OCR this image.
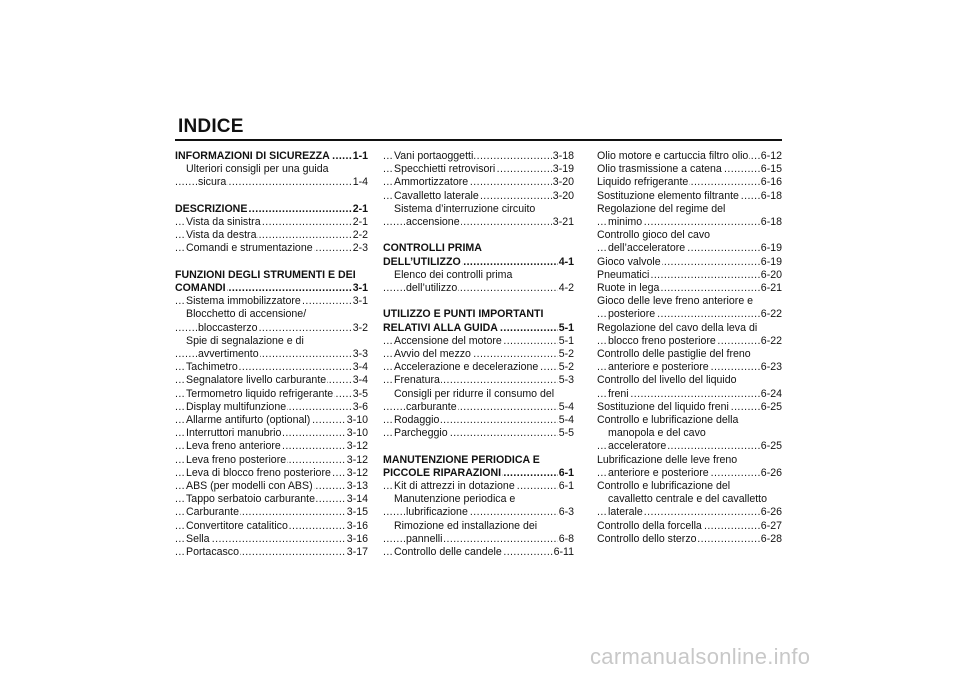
INDICE
INFORMAZIONI DI SICUREZZA 1-1
.....
Ulteriori consigli per una guida
sicura	1-4
.....
DESCRIZIONE	2-1
.....
Vista da sinistra	2-1
.....
Vista da destra	2-2
.....
Comandi e strumentazione	2-3
.....
FUNZIONI DEGLI STRUMENTI E DEI
COMANDI	3-1
.....
Sistema immobilizzatore	3-1
.....
Blocchetto di accensione/
bloccasterzo	3-2
.....
Spie di segnalazione e di
avvertimento	3-3
.....
Tachimetro	3-4
.....
Segnalatore livello carburante	3-4
.....
Termometro liquido refrigerante 3-5
.....
Display multifunzione	3-6
.....
Allarme antifurto (optional)	3-10
.....
Interruttori manubrio	3-10
.....
Leva freno anteriore	3-12
.....
Leva freno posteriore	3-12
.....
Leva di blocco freno posteriore 3-12
.....
ABS (per modelli con ABS)	3-13
.....
Tappo serbatoio carburante	3-14
.....
Carburante	3-15
.....
Convertitore catalitico	3-16
.....
Sella	3-16
.....
Portacasco	3-17
.....
Vani portaoggetti	3-18
.....
Specchietti retrovisori	3-19
.....
Ammortizzatore	3-20
.....
Cavalletto laterale	3-20
.....
Sistema d’interruzione circuito
accensione	3-21
.....
CONTROLLI PRIMA
DELL’UTILIZZO	4-1
.....
Elenco dei controlli prima
dell’utilizzo	4-2
.....
UTILIZZO E PUNTI IMPORTANTI
RELATIVI ALLA GUIDA	5-1
.....
Accensione del motore	5-1
.....
Avvio del mezzo	5-2
.....
Accelerazione e decelerazione 5-2
.....
Frenatura	5-3
.....
Consigli per ridurre il consumo del
carburante	5-4
.....
Rodaggio	5-4
.....
Parcheggio	5-5
.....
MANUTENZIONE PERIODICA E
PICCOLE RIPARAZIONI	6-1
.....
Kit di attrezzi in dotazione	6-1
.....
Manutenzione periodica e
lubrificazione	6-3
.....
Rimozione ed installazione dei
pannelli	6-8
.....
Controllo delle candele	6-11
.....
Olio motore e cartuccia filtro olio 6-12
.....
Olio trasmissione a catena	6-15
.....
Liquido refrigerante	6-16
.....
Sostituzione elemento filtrante 6-18
.....
Regolazione del regime del
minimo	6-18
.....
Controllo gioco del cavo
dell’acceleratore	6-19
.....
Gioco valvole	6-19
.....
Pneumatici	6-20
.....
Ruote in lega	6-21
.....
Gioco delle leve freno anteriore e
posteriore	6-22
.....
Regolazione del cavo della leva di
blocco freno posteriore	6-22
.....
Controllo delle pastiglie del freno
anteriore e posteriore	6-23
.....
Controllo del livello del liquido
freni	6-24
.....
Sostituzione del liquido freni	6-25
.....
Controllo e lubrificazione della
manopola e del cavo
acceleratore	6-25
.....
Lubrificazione delle leve freno
anteriore e posteriore	6-26
.....
Controllo e lubrificazione del
cavalletto centrale e del cavalletto
laterale	6-26
.....
Controllo della forcella	6-27
.....
Controllo dello sterzo	6-28
.....
carmanualsonline.info
